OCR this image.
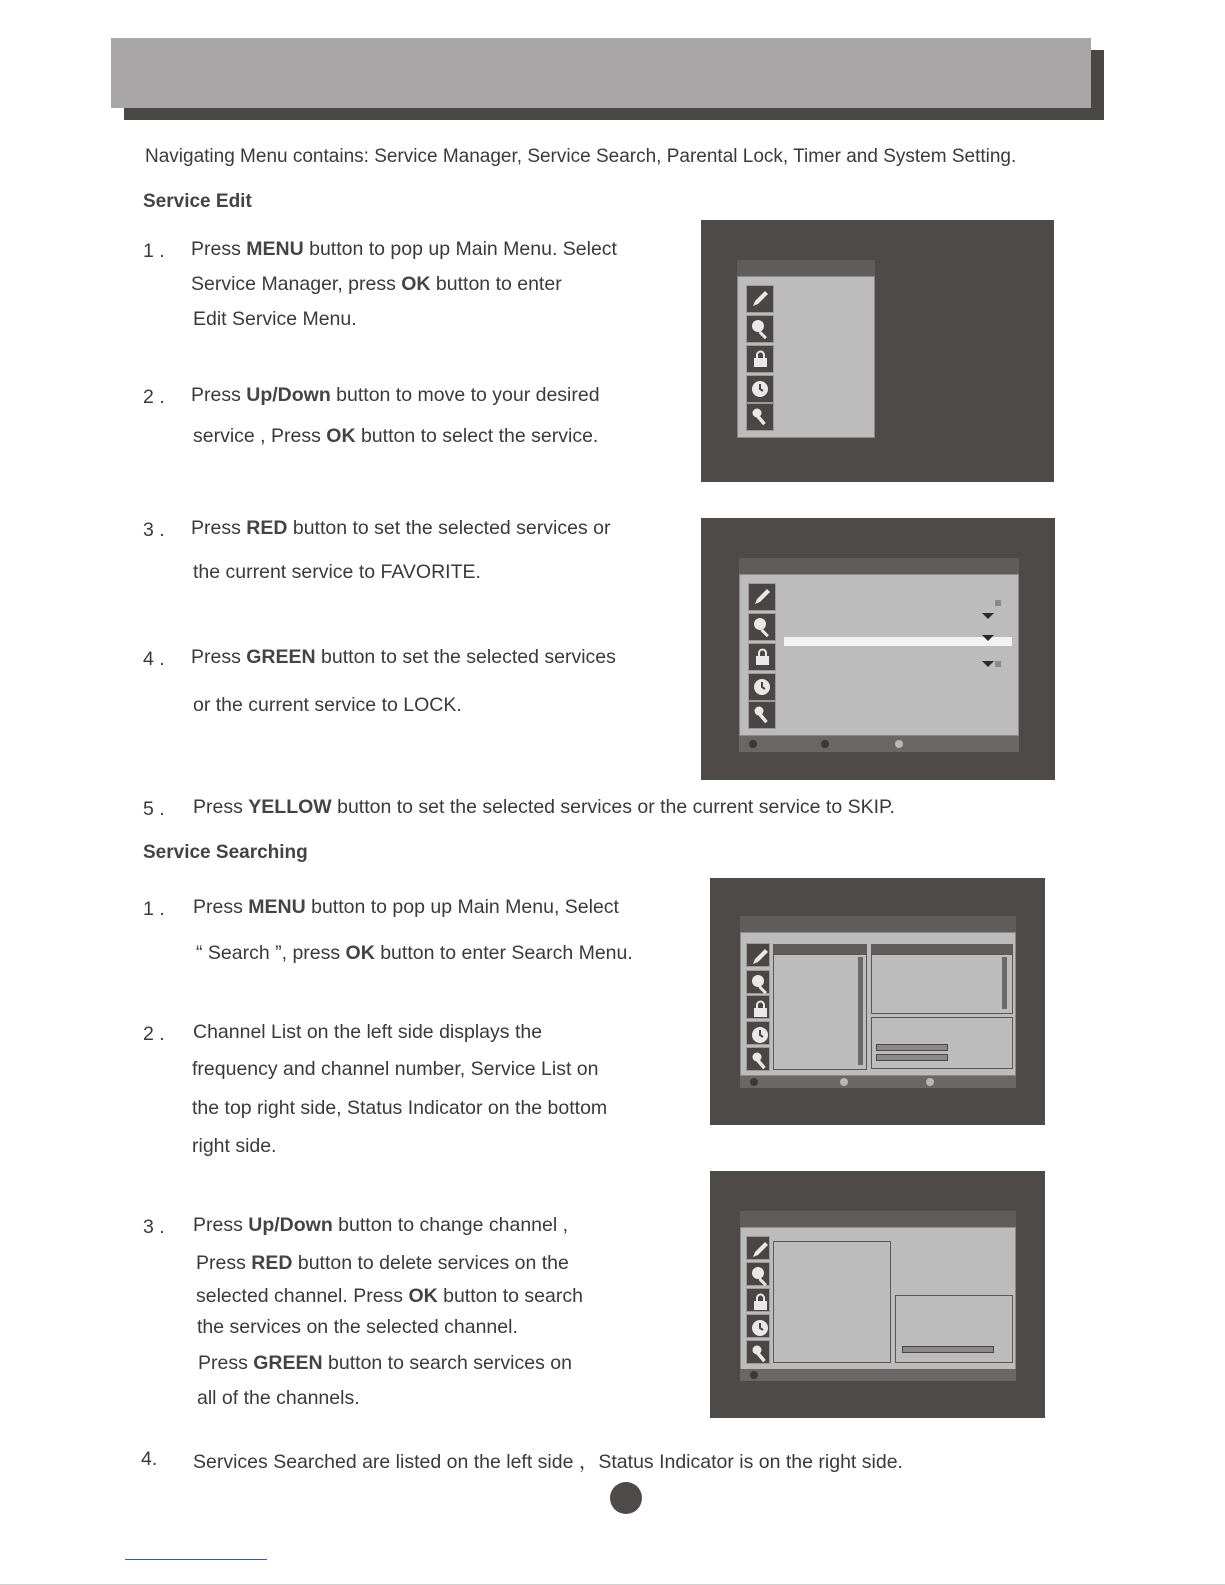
Navigating Menu contains: Service Manager, Service Search, Parental Lock, Timer and System Setting.
Service Edit
1 . Press MENU button to pop up Main Menu. Select
Service Manager, press OK button to enter
Edit Service Menu.
2 . Press Up/Down button to move to your desired
service , Press OK button to select the service.
3 . Press RED button to set the selected services or
the current service to FAVORITE.
4 . Press GREEN button to set the selected services
or the current service to LOCK.
5 . Press YELLOW button to set the selected services or the current service to SKIP.
Service Searching
1 . Press MENU button to pop up Main Menu, Select
“ Search ”, press OK button to enter Search Menu.
2 . Channel List on the left side displays the
frequency and channel number, Service List on
the top right side, Status Indicator on the bottom
right side.
3 . Press Up/Down button to change channel ,
Press RED button to delete services on the
selected channel. Press OK button to search
the services on the selected channel.
Press GREEN button to search services on
all of the channels.
4. Services Searched are listed on the left side ，Status Indicator is on the right side.
